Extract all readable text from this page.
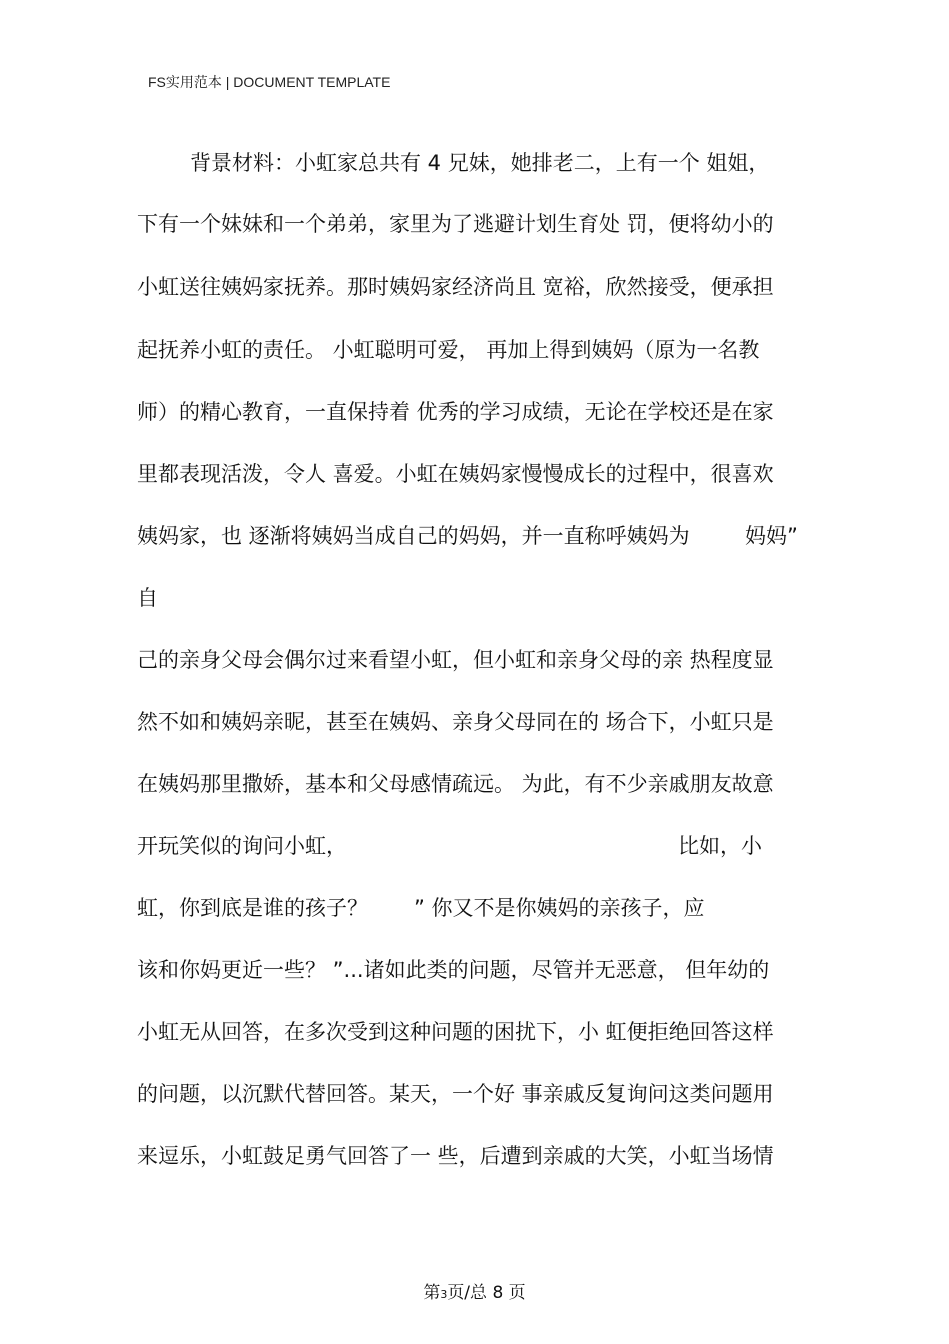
FS实用范本 | DOCUMENT TEMPLATE
背景材料：小虹家总共有 4 兄妹，她排老二，上有一个 姐姐，
下有一个妹妹和一个弟弟，家里为了逃避计划生育处 罚，便将幼小的
小虹送往姨妈家抚养。那时姨妈家经济尚且 宽裕，欣然接受，便承担
起抚养小虹的责任。 小虹聪明可爱， 再加上得到姨妈（原为一名教
师）的精心教育，一直保持着 优秀的学习成绩，无论在学校还是在家
里都表现活泼，令人 喜爱。小虹在姨妈家慢慢成长的过程中，很喜欢
姨妈家，也 逐渐将姨妈当成自己的妈妈，并一直称呼姨妈为	妈妈”
自
己的亲身父母会偶尔过来看望小虹，但小虹和亲身父母的亲 热程度显
然不如和姨妈亲昵，甚至在姨妈、亲身父母同在的 场合下，小虹只是
在姨妈那里撒娇，基本和父母感情疏远。 为此，有不少亲戚朋友故意
开玩笑似的询问小虹，	比如，小
虹，你到底是谁的孩子？ ” 你又不是你姨妈的亲孩子，应
该和你妈更近一些？ ”...诸如此类的问题，尽管并无恶意， 但年幼的
小虹无从回答，在多次受到这种问题的困扰下，小 虹便拒绝回答这样
的问题，以沉默代替回答。某天，一个好 事亲戚反复询问这类问题用
来逗乐，小虹鼓足勇气回答了一 些，后遭到亲戚的大笑，小虹当场情
第3页/总 8 页
